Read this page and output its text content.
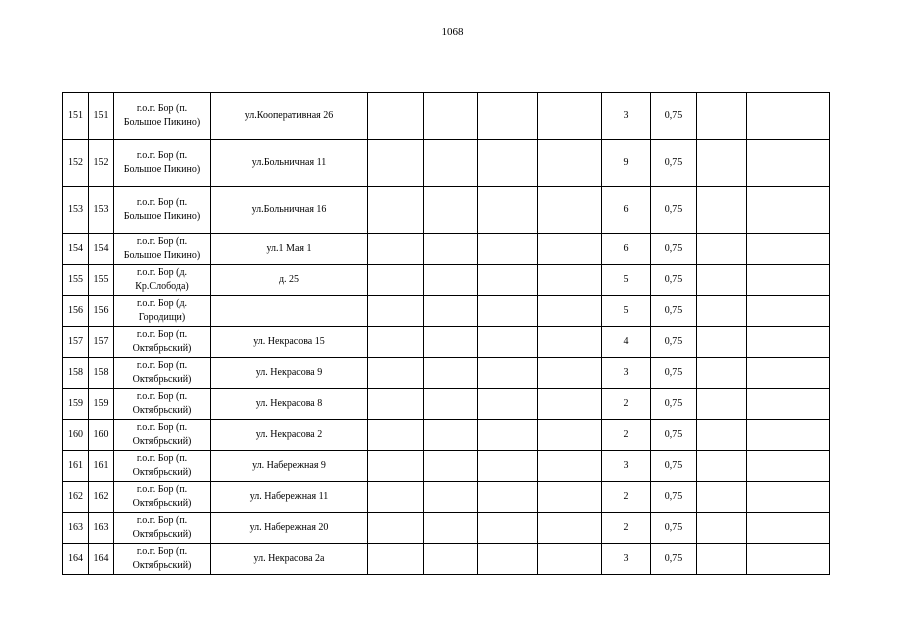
1068
151	151	г.о.г. Бор (п.
Большое Пикино)	ул.Кооперативная 26					3	0,75		
152	152	г.о.г. Бор (п.
Большое Пикино)	ул.Больничная 11					9	0,75		
153	153	г.о.г. Бор (п.
Большое Пикино)	ул.Больничная 16					6	0,75		
154	154	г.о.г. Бор (п.
Большое Пикино)	ул.1 Мая 1					6	0,75		
155	155	г.о.г. Бор (д.
Кр.Слобода)	д. 25					5	0,75		
156	156	г.о.г. Бор (д.
Городищи)						5	0,75		
157	157	г.о.г. Бор (п.
Октябрьский)	ул. Некрасова 15					4	0,75		
158	158	г.о.г. Бор (п.
Октябрьский)	ул. Некрасова 9					3	0,75		
159	159	г.о.г. Бор (п.
Октябрьский)	ул. Некрасова 8					2	0,75		
160	160	г.о.г. Бор (п.
Октябрьский)	ул. Некрасова 2					2	0,75		
161	161	г.о.г. Бор (п.
Октябрьский)	ул. Набережная 9					3	0,75		
162	162	г.о.г. Бор (п.
Октябрьский)	ул. Набережная 11					2	0,75		
163	163	г.о.г. Бор (п.
Октябрьский)	ул. Набережная 20					2	0,75		
164	164	г.о.г. Бор (п.
Октябрьский)	ул. Некрасова 2а					3	0,75		
